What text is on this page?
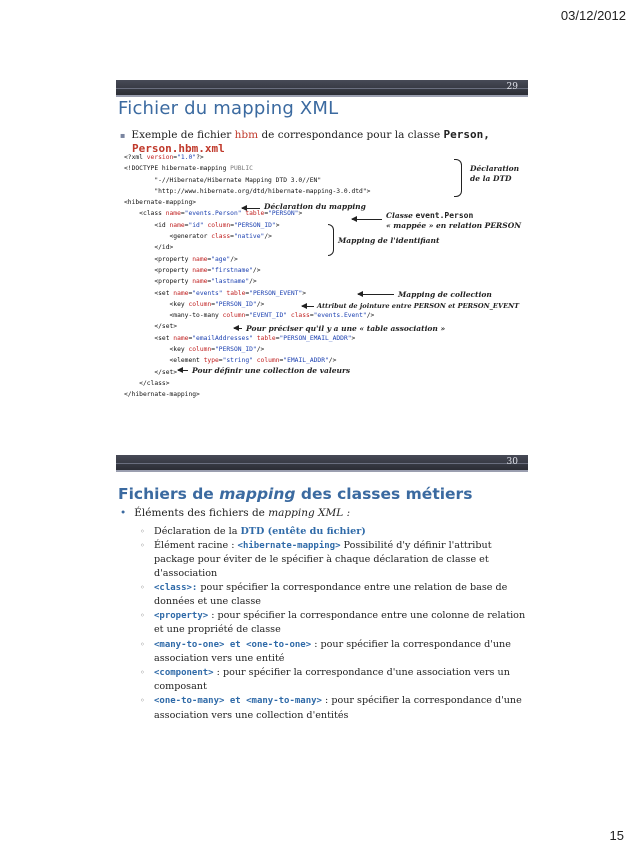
03/12/2012
29
Fichier du mapping XML
▪ Exemple de fichier hbm de correspondance pour la classe Person,
Person.hbm.xml
<?xml version="1.0"?>
<!DOCTYPE hibernate-mapping PUBLIC
"-//Hibernate/Hibernate Mapping DTD 3.0//EN"
"http://www.hibernate.org/dtd/hibernate-mapping-3.0.dtd">
<hibernate-mapping>
<class name="events.Person" table="PERSON">
<id name="id" column="PERSON_ID">
<generator class="native"/>
</id>
<property name="age"/>
<property name="firstname"/>
<property name="lastname"/>
<set name="events" table="PERSON_EVENT">
<key column="PERSON_ID"/>
<many-to-many column="EVENT_ID" class="events.Event"/>
</set>
<set name="emailAddresses" table="PERSON_EMAIL_ADDR">
<key column="PERSON_ID"/>
<element type="string" column="EMAIL_ADDR"/>
</set>
</class>
</hibernate-mapping>
Déclaration
de la DTD
Déclaration du mapping
Classe event.Person
« mappée » en relation PERSON
Mapping de l'identifiant
Mapping de collection
Attribut de jointure entre PERSON et PERSON_EVENT
Pour préciser qu'il y a une « table association »
Pour définir une collection de valeurs
30
Fichiers de mapping des classes métiers
• Éléments des fichiers de mapping XML :
◦ Déclaration de la DTD (entête du fichier)
◦ Élément racine : <hibernate-mapping> Possibilité d'y définir l'attribut package pour éviter de le spécifier à chaque déclaration de classe et d'association
◦ <class>: pour spécifier la correspondance entre une relation de base de données et une classe
◦ <property> : pour spécifier la correspondance entre une colonne de relation et une propriété de classe
◦ <many-to-one> et <one-to-one> : pour spécifier la correspondance d'une association vers une entité
◦ <component> : pour spécifier la correspondance d'une association vers un composant
◦ <one-to-many> et <many-to-many> : pour spécifier la correspondance d'une association vers une collection d'entités
15
